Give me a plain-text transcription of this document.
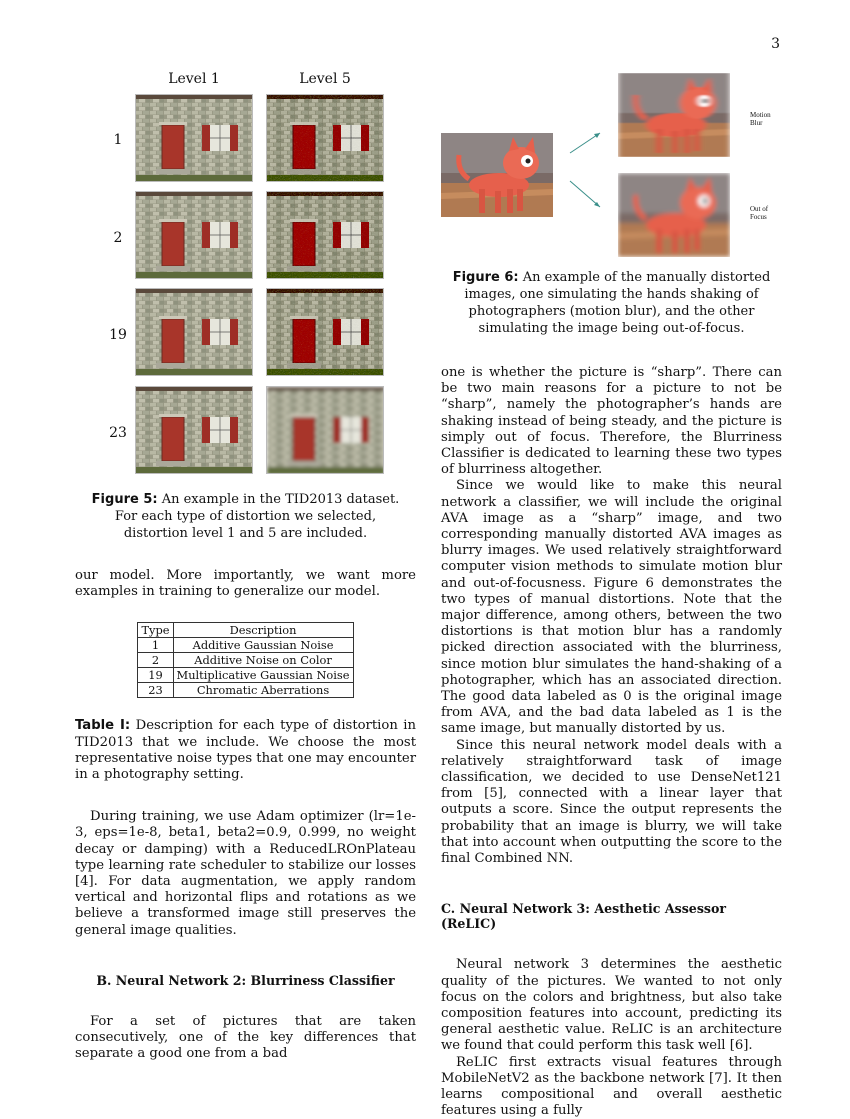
3
Level 1	Level 5
1
2
19
23
Figure 5: An example in the TID2013 dataset. For each type of distortion we selected, distortion level 1 and 5 are included.

our model. More importantly, we want more examples in training to generalize our model.

Type	Description
1	Additive Gaussian Noise
2	Additive Noise on Color
19	Multiplicative Gaussian Noise
23	Chromatic Aberrations

Table I: Description for each type of distortion in TID2013 that we include. We choose the most representative noise types that one may encounter in a photography setting.

During training, we use Adam optimizer (lr=1e-3, eps=1e-8, beta1, beta2=0.9, 0.999, no weight decay or damping) with a ReducedLROnPlateau type learning rate scheduler to stabilize our losses [4]. For data augmentation, we apply random vertical and horizontal flips and rotations as we believe a transformed image still preserves the general image qualities.

B. Neural Network 2: Blurriness Classifier

For a set of pictures that are taken consecutively, one of the key differences that separate a good one from a bad

Motion Blur
Out of Focus
Figure 6: An example of the manually distorted images, one simulating the hands shaking of photographers (motion blur), and the other simulating the image being out-of-focus.

one is whether the picture is “sharp”. There can be two main reasons for a picture to not be “sharp”, namely the photographer’s hands are shaking instead of being steady, and the picture is simply out of focus. Therefore, the Blurriness Classifier is dedicated to learning these two types of blurriness altogether.

Since we would like to make this neural network a classifier, we will include the original AVA image as a “sharp” image, and two corresponding manually distorted AVA images as blurry images. We used relatively straightforward computer vision methods to simulate motion blur and out-of-focusness. Figure 6 demonstrates the two types of manual distortions. Note that the major difference, among others, between the two distortions is that motion blur has a randomly picked direction associated with the blurriness, since motion blur simulates the hand-shaking of a photographer, which has an associated direction. The good data labeled as 0 is the original image from AVA, and the bad data labeled as 1 is the same image, but manually distorted by us.

Since this neural network model deals with a relatively straightforward task of image classification, we decided to use DenseNet121 from [5], connected with a linear layer that outputs a score. Since the output represents the probability that an image is blurry, we will take that into account when outputting the score to the final Combined NN.

C. Neural Network 3: Aesthetic Assessor (ReLIC)

Neural network 3 determines the aesthetic quality of the pictures. We wanted to not only focus on the colors and brightness, but also take composition features into account, predicting its general aesthetic value. ReLIC is an architecture we found that could perform this task well [6].

ReLIC first extracts visual features through MobileNetV2 as the backbone network [7]. It then learns compositional and overall aesthetic features using a fully
